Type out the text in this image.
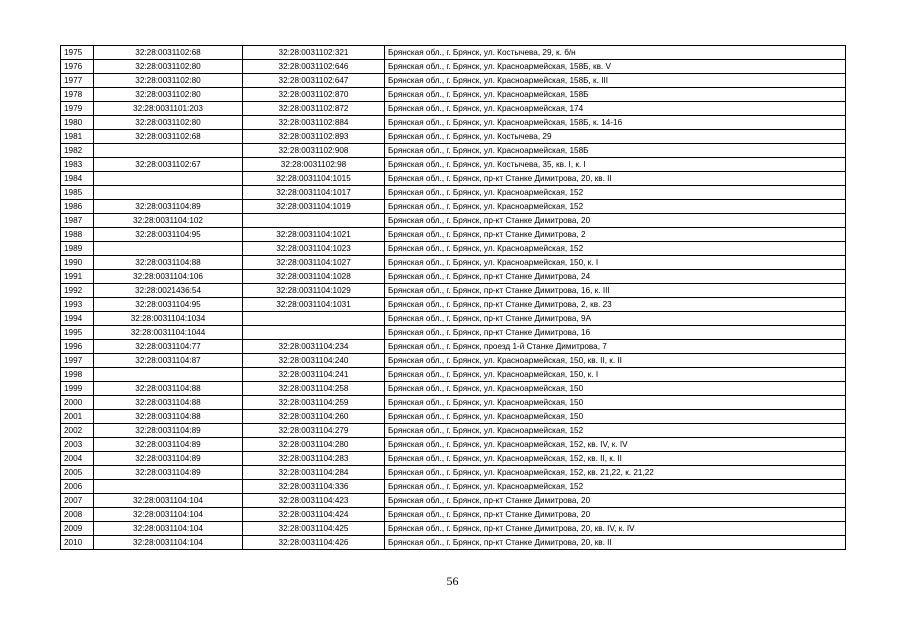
1975	32:28:0031102:68	32:28:0031102:321	Брянская обл., г. Брянск, ул. Костычева, 29, к. б/н
1976	32:28:0031102:80	32:28:0031102:646	Брянская обл., г. Брянск, ул. Красноармейская, 158Б, кв. V
1977	32:28:0031102:80	32:28:0031102:647	Брянская обл., г. Брянск, ул. Красноармейская, 158Б, к. III
1978	32:28:0031102:80	32:28:0031102:870	Брянская обл., г. Брянск, ул. Красноармейская, 158Б
1979	32:28:0031101:203	32:28:0031102:872	Брянская обл., г. Брянск, ул. Красноармейская, 174
1980	32:28:0031102:80	32:28:0031102:884	Брянская обл., г. Брянск, ул. Красноармейская, 158Б, к. 14-16
1981	32:28:0031102:68	32:28:0031102:893	Брянская обл., г. Брянск, ул. Костычева, 29
1982		32:28:0031102:908	Брянская обл., г. Брянск, ул. Красноармейская, 158Б
1983	32:28:0031102:67	32:28:0031102:98	Брянская обл., г. Брянск, ул. Костычева, 35, кв. I, к. I
1984		32:28:0031104:1015	Брянская обл., г. Брянск, пр-кт Станке Димитрова, 20, кв. II
1985		32:28:0031104:1017	Брянская обл., г. Брянск, ул. Красноармейская, 152
1986	32:28:0031104:89	32:28:0031104:1019	Брянская обл., г. Брянск, ул. Красноармейская, 152
1987	32:28:0031104:102		Брянская обл., г. Брянск, пр-кт Станке Димитрова, 20
1988	32:28:0031104:95	32:28:0031104:1021	Брянская обл., г. Брянск, пр-кт Станке Димитрова, 2
1989		32:28:0031104:1023	Брянская обл., г. Брянск, ул. Красноармейская, 152
1990	32:28:0031104:88	32:28:0031104:1027	Брянская обл., г. Брянск, ул. Красноармейская, 150, к. I
1991	32:28:0031104:106	32:28:0031104:1028	Брянская обл., г. Брянск, пр-кт Станке Димитрова, 24
1992	32:28:0021436:54	32:28:0031104:1029	Брянская обл., г. Брянск, пр-кт Станке Димитрова, 16, к. III
1993	32:28:0031104:95	32:28:0031104:1031	Брянская обл., г. Брянск, пр-кт Станке Димитрова, 2, кв. 23
1994	32:28:0031104:1034		Брянская обл., г. Брянск, пр-кт Станке Димитрова, 9А
1995	32:28:0031104:1044		Брянская обл., г. Брянск, пр-кт Станке Димитрова, 16
1996	32:28:0031104:77	32:28:0031104:234	Брянская обл., г. Брянск, проезд 1-й Станке Димитрова, 7
1997	32:28:0031104:87	32:28:0031104:240	Брянская обл., г. Брянск, ул. Красноармейская, 150, кв. II, к. II
1998		32:28:0031104:241	Брянская обл., г. Брянск, ул. Красноармейская, 150, к. I
1999	32:28:0031104:88	32:28:0031104:258	Брянская обл., г. Брянск, ул. Красноармейская, 150
2000	32:28:0031104:88	32:28:0031104:259	Брянская обл., г. Брянск, ул. Красноармейская, 150
2001	32:28:0031104:88	32:28:0031104:260	Брянская обл., г. Брянск, ул. Красноармейская, 150
2002	32:28:0031104:89	32:28:0031104:279	Брянская обл., г. Брянск, ул. Красноармейская, 152
2003	32:28:0031104:89	32:28:0031104:280	Брянская обл., г. Брянск, ул. Красноармейская, 152, кв. IV, к. IV
2004	32:28:0031104:89	32:28:0031104:283	Брянская обл., г. Брянск, ул. Красноармейская, 152, кв. II, к. II
2005	32:28:0031104:89	32:28:0031104:284	Брянская обл., г. Брянск, ул. Красноармейская, 152, кв. 21,22, к. 21,22
2006		32:28:0031104:336	Брянская обл., г. Брянск, ул. Красноармейская, 152
2007	32:28:0031104:104	32:28:0031104:423	Брянская обл., г. Брянск, пр-кт Станке Димитрова, 20
2008	32:28:0031104:104	32:28:0031104:424	Брянская обл., г. Брянск, пр-кт Станке Димитрова, 20
2009	32:28:0031104:104	32:28:0031104:425	Брянская обл., г. Брянск, пр-кт Станке Димитрова, 20, кв. IV, к. IV
2010	32:28:0031104:104	32:28:0031104:426	Брянская обл., г. Брянск, пр-кт Станке Димитрова, 20, кв. II
56
